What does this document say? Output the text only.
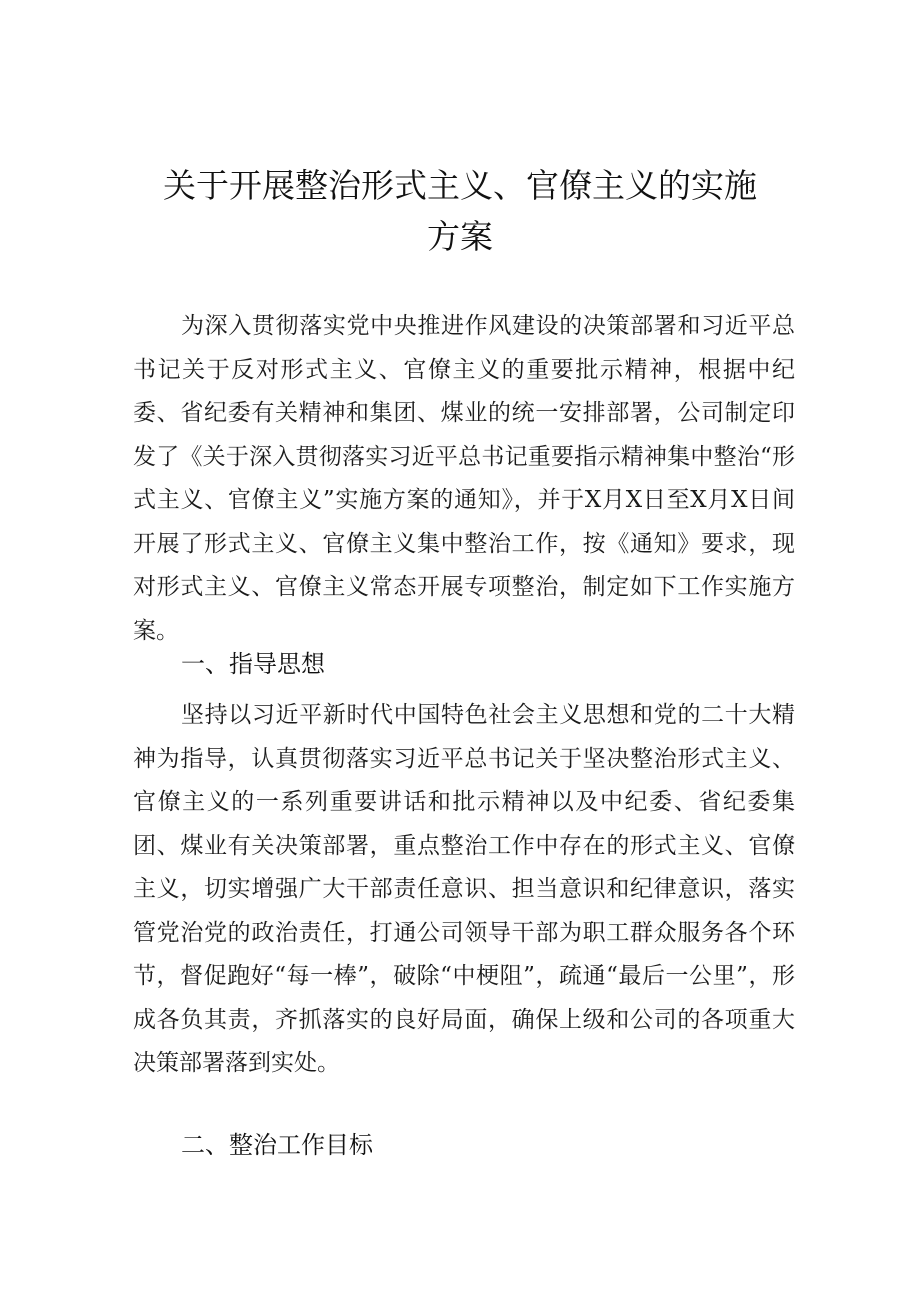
关于开展整治形式主义、官僚主义的实施
方案

为深入贯彻落实党中央推进作风建设的决策部署和习近平总书记关于反对形式主义、官僚主义的重要批示精神，根据中纪委、省纪委有关精神和集团、煤业的统一安排部署，公司制定印发了《关于深入贯彻落实习近平总书记重要指示精神集中整治“形式主义、官僚主义”实施方案的通知》，并于X月X日至X月X日间开展了形式主义、官僚主义集中整治工作，按《通知》要求，现对形式主义、官僚主义常态开展专项整治，制定如下工作实施方案。

一、指导思想

坚持以习近平新时代中国特色社会主义思想和党的二十大精神为指导，认真贯彻落实习近平总书记关于坚决整治形式主义、官僚主义的一系列重要讲话和批示精神以及中纪委、省纪委集团、煤业有关决策部署，重点整治工作中存在的形式主义、官僚主义，切实增强广大干部责任意识、担当意识和纪律意识，落实管党治党的政治责任，打通公司领导干部为职工群众服务各个环节，督促跑好“每一棒”，破除“中梗阻”，疏通“最后一公里”，形成各负其责，齐抓落实的良好局面，确保上级和公司的各项重大决策部署落到实处。

二、整治工作目标
